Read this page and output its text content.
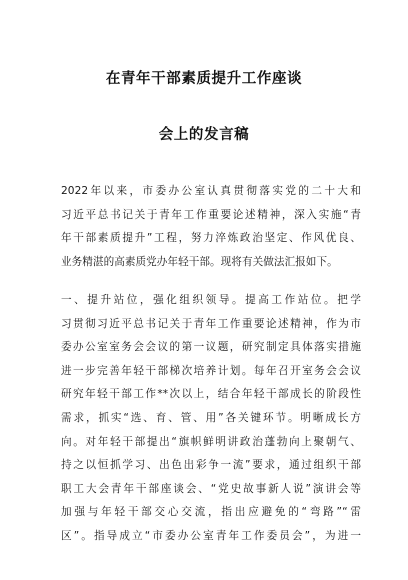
在青年干部素质提升工作座谈
会上的发言稿
2022年以来，市委办公室认真贯彻落实党的二十大和
习近平总书记关于青年工作重要论述精神，深入实施“青
年干部素质提升”工程，努力淬炼政治坚定、作风优良、
业务精湛的高素质党办年轻干部。现将有关做法汇报如下。
一、提升站位，强化组织领导。提高工作站位。把学
习贯彻习近平总书记关于青年工作重要论述精神，作为市
委办公室室务会会议的第一议题，研究制定具体落实措施
进一步完善年轻干部梯次培养计划。每年召开室务会会议
研究年轻干部工作**次以上，结合年轻干部成长的阶段性
需求，抓实“选、育、管、用”各关键环节。明晰成长方
向。对年轻干部提出“旗帜鲜明讲政治蓬勃向上聚朝气、
持之以恒抓学习、出色出彩争一流”要求，通过组织干部
职工大会青年干部座谈会、“党史故事新人说”演讲会等
加强与年轻干部交心交流，指出应避免的“弯路”“雷
区”。指导成立“市委办公室青年工作委员会”，为进一
